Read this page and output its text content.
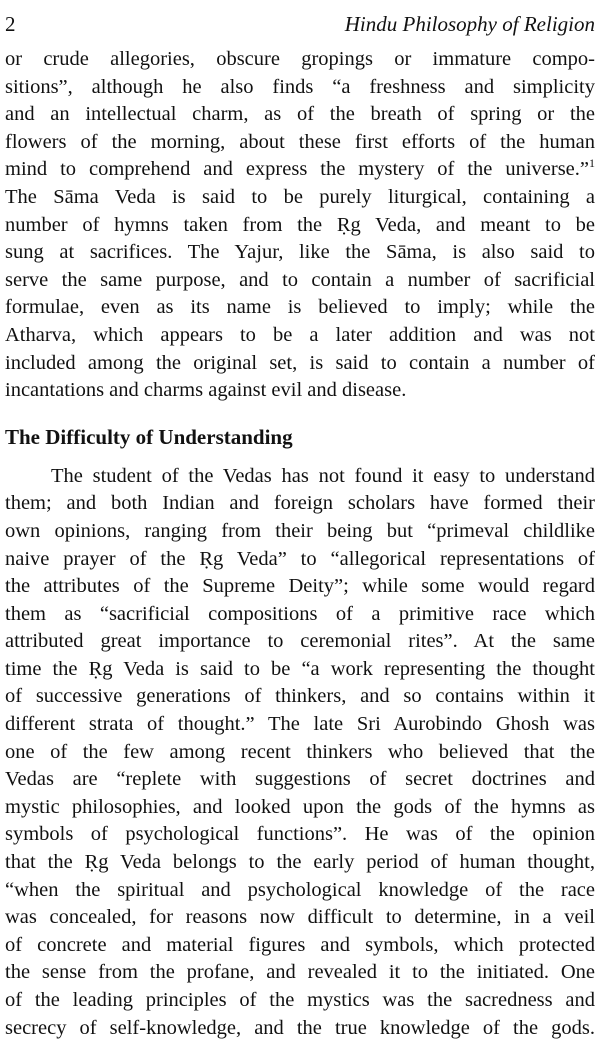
2	Hindu Philosophy of Religion

or crude allegories, obscure gropings or immature compo-
sitions”, although he also finds “a freshness and simplicity
and an intellectual charm, as of the breath of spring or the
flowers of the morning, about these first efforts of the human
mind to comprehend and express the mystery of the universe.”$^1$
The Sāma Veda is said to be purely liturgical, containing a
number of hymns taken from the Ṛg Veda, and meant to be
sung at sacrifices. The Yajur, like the Sāma, is also said to
serve the same purpose, and to contain a number of sacrificial
formulae, even as its name is believed to imply; while the
Atharva, which appears to be a later addition and was not
included among the original set, is said to contain a number of
incantations and charms against evil and disease.

The Difficulty of Understanding

The student of the Vedas has not found it easy to understand
them; and both Indian and foreign scholars have formed their
own opinions, ranging from their being but “primeval childlike
naive prayer of the Ṛg Veda” to “allegorical representations of
the attributes of the Supreme Deity”; while some would regard
them as “sacrificial compositions of a primitive race which
attributed great importance to ceremonial rites”. At the same
time the Ṛg Veda is said to be “a work representing the thought
of successive generations of thinkers, and so contains within it
different strata of thought.” The late Sri Aurobindo Ghosh was
one of the few among recent thinkers who believed that the
Vedas are “replete with suggestions of secret doctrines and
mystic philosophies, and looked upon the gods of the hymns as
symbols of psychological functions”. He was of the opinion
that the Ṛg Veda belongs to the early period of human thought,
“when the spiritual and psychological knowledge of the race
was concealed, for reasons now difficult to determine, in a veil
of concrete and material figures and symbols, which protected
the sense from the profane, and revealed it to the initiated. One
of the leading principles of the mystics was the sacredness and
secrecy of self-knowledge, and the true knowledge of the gods.
